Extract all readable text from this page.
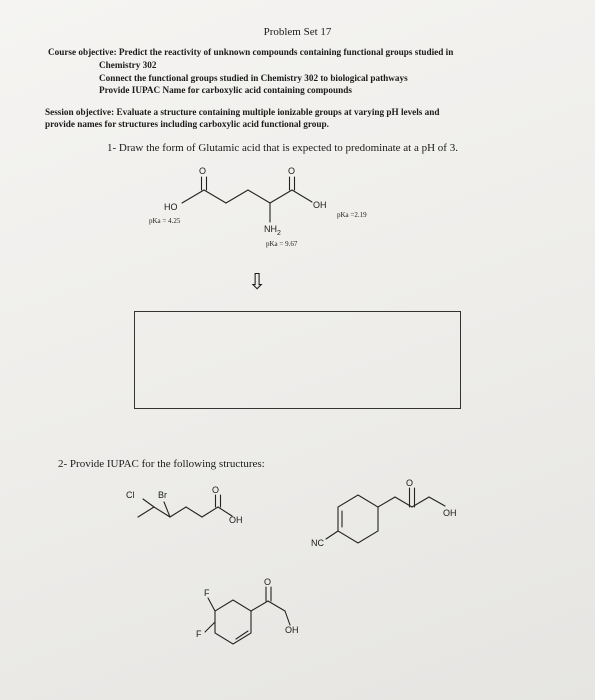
Problem Set 17
Course objective: Predict the reactivity of unknown compounds containing functional groups studied in
Chemistry 302
Connect the functional groups studied in Chemistry 302 to biological pathways
Provide IUPAC Name for carboxylic acid containing compounds
Session objective: Evaluate a structure containing multiple ionizable groups at varying pH levels and
provide names for structures including carboxylic acid functional group.
1- Draw the form of Glutamic acid that is expected to predominate at a pH of 3.
O	O
HO	OH
$NH_2$
pKa = 4.25
pKa =2.19
pKa = 9.67
⇩
2- Provide IUPAC for the following structures:
Cl	Br	O
OH
O
OH
NC
F
F
O
OH
